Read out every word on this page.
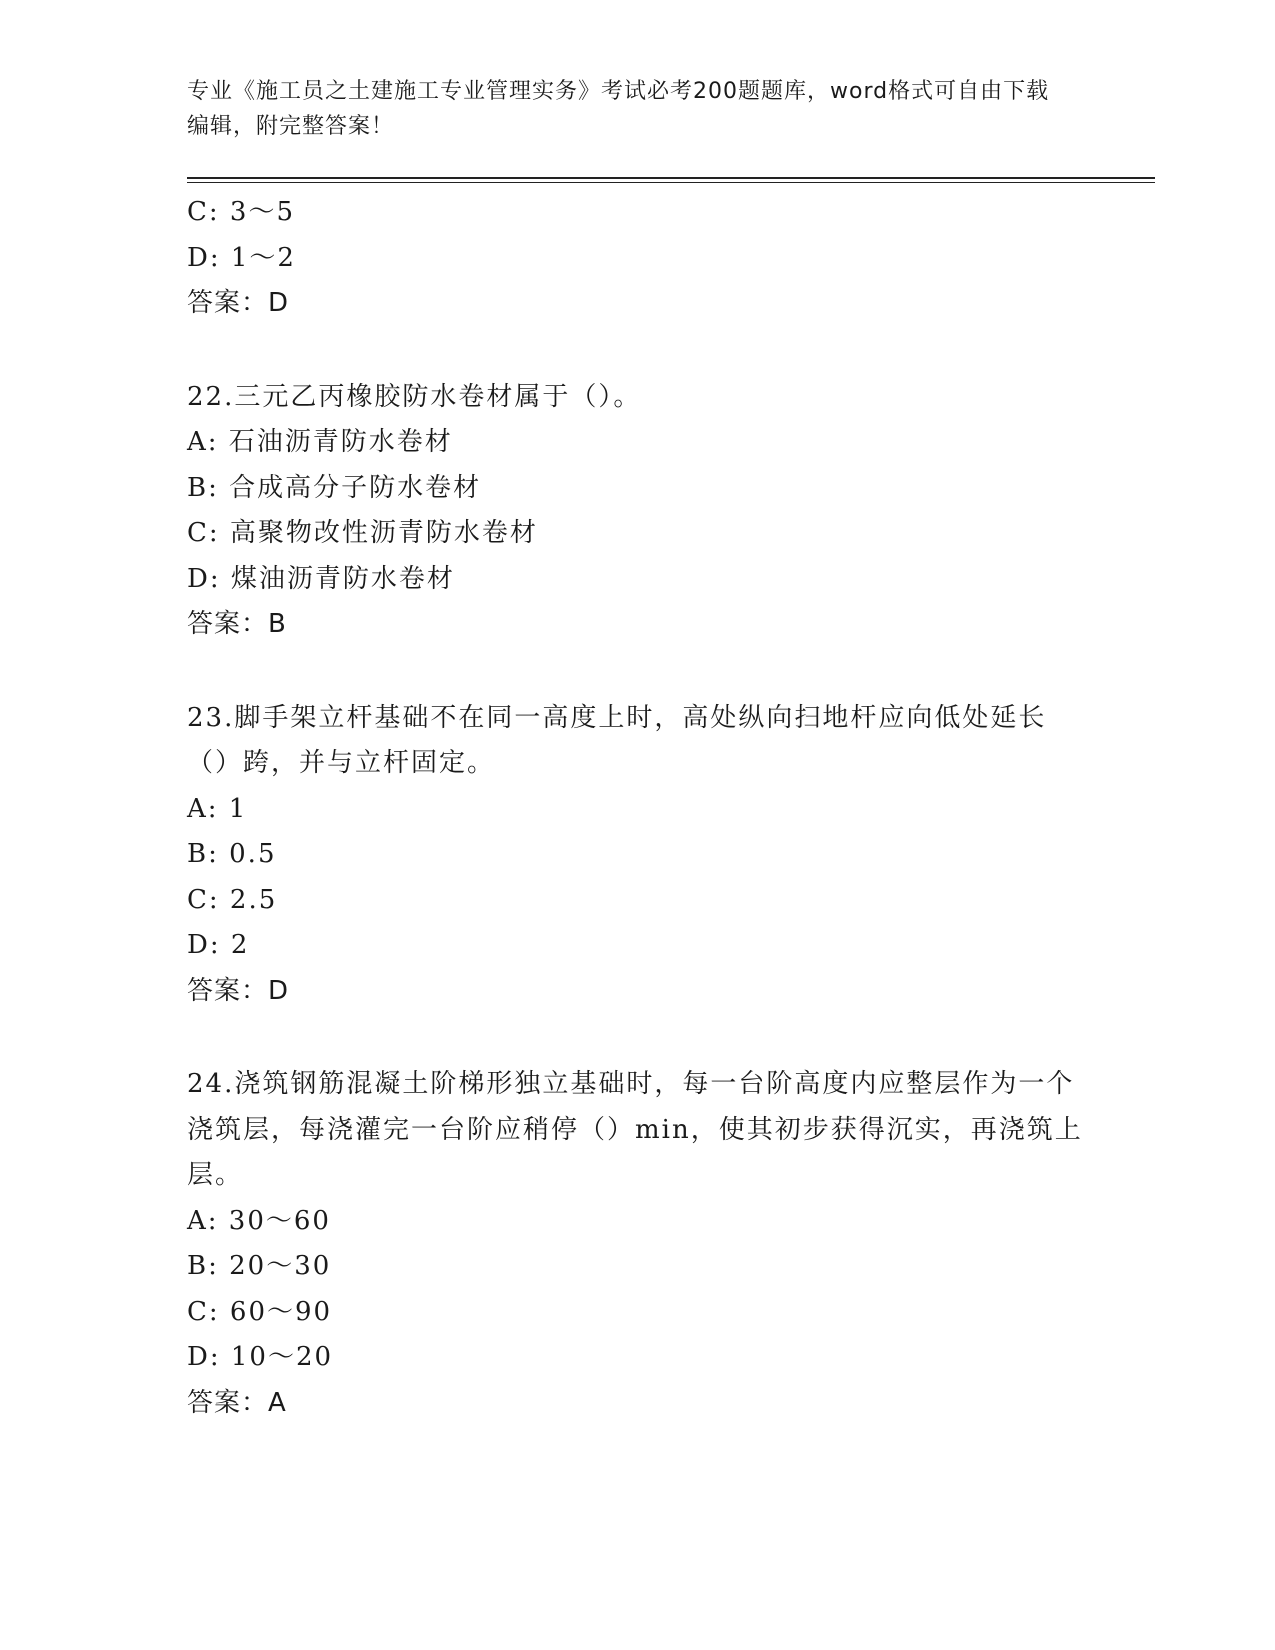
专业《施工员之土建施工专业管理实务》考试必考200题题库，word格式可自由下载编辑，附完整答案！

C: 3～5

D: 1～2

答案：D

22.三元乙丙橡胶防水卷材属于（）。

A: 石油沥青防水卷材

B: 合成高分子防水卷材

C: 高聚物改性沥青防水卷材

D: 煤油沥青防水卷材

答案：B

23.脚手架立杆基础不在同一高度上时，高处纵向扫地杆应向低处延长（）跨，并与立杆固定。

A: 1

B: 0.5

C: 2.5

D: 2

答案：D

24.浇筑钢筋混凝土阶梯形独立基础时，每一台阶高度内应整层作为一个浇筑层，每浇灌完一台阶应稍停（）min，使其初步获得沉实，再浇筑上层。

A: 30～60

B: 20～30

C: 60～90

D: 10～20

答案：A
